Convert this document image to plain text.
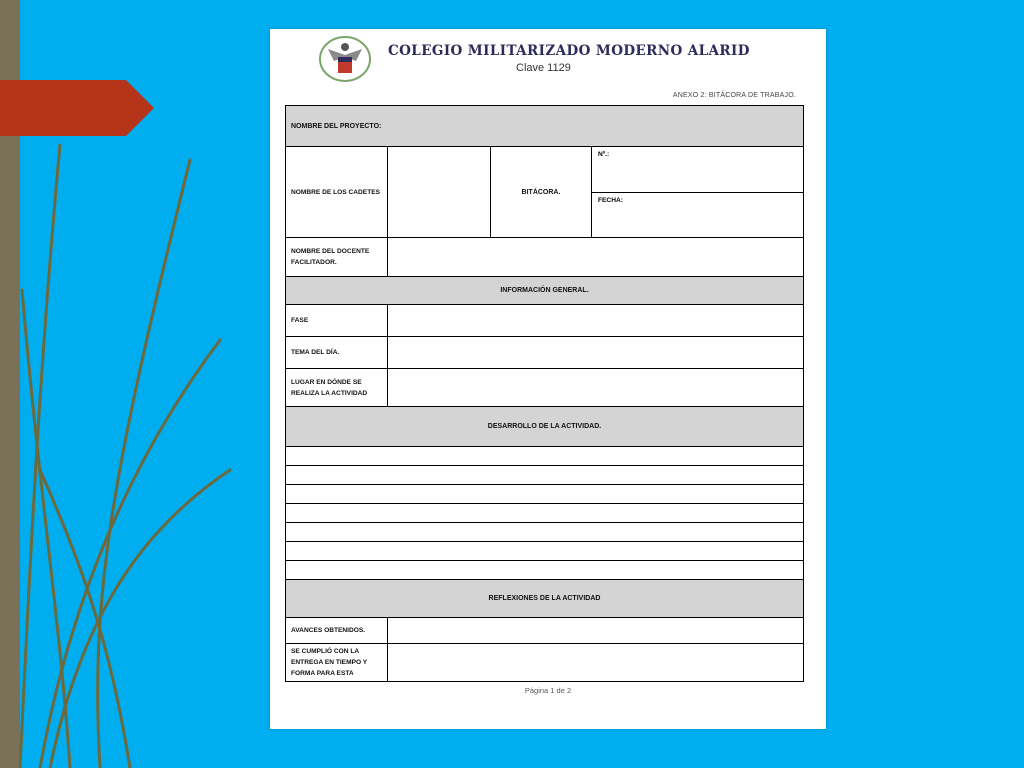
COLEGIO MILITARIZADO MODERNO ALARID
Clave 1129
ANEXO 2: BITÁCORA DE TRABAJO.
NOMBRE DEL PROYECTO:
NOMBRE DE LOS CADETES	BITÁCORA.
Nº.:
FECHA:
NOMBRE DEL DOCENTE FACILITADOR.
INFORMACIÓN GENERAL.
FASE
TEMA DEL DÍA.
LUGAR EN DÓNDE SE REALIZA LA ACTIVIDAD
DESARROLLO DE LA ACTIVIDAD.
REFLEXIONES DE LA ACTIVIDAD
AVANCES OBTENIDOS.
SE CUMPLIÓ CON LA ENTREGA EN TIEMPO Y FORMA PARA ESTA
Página 1 de 2
